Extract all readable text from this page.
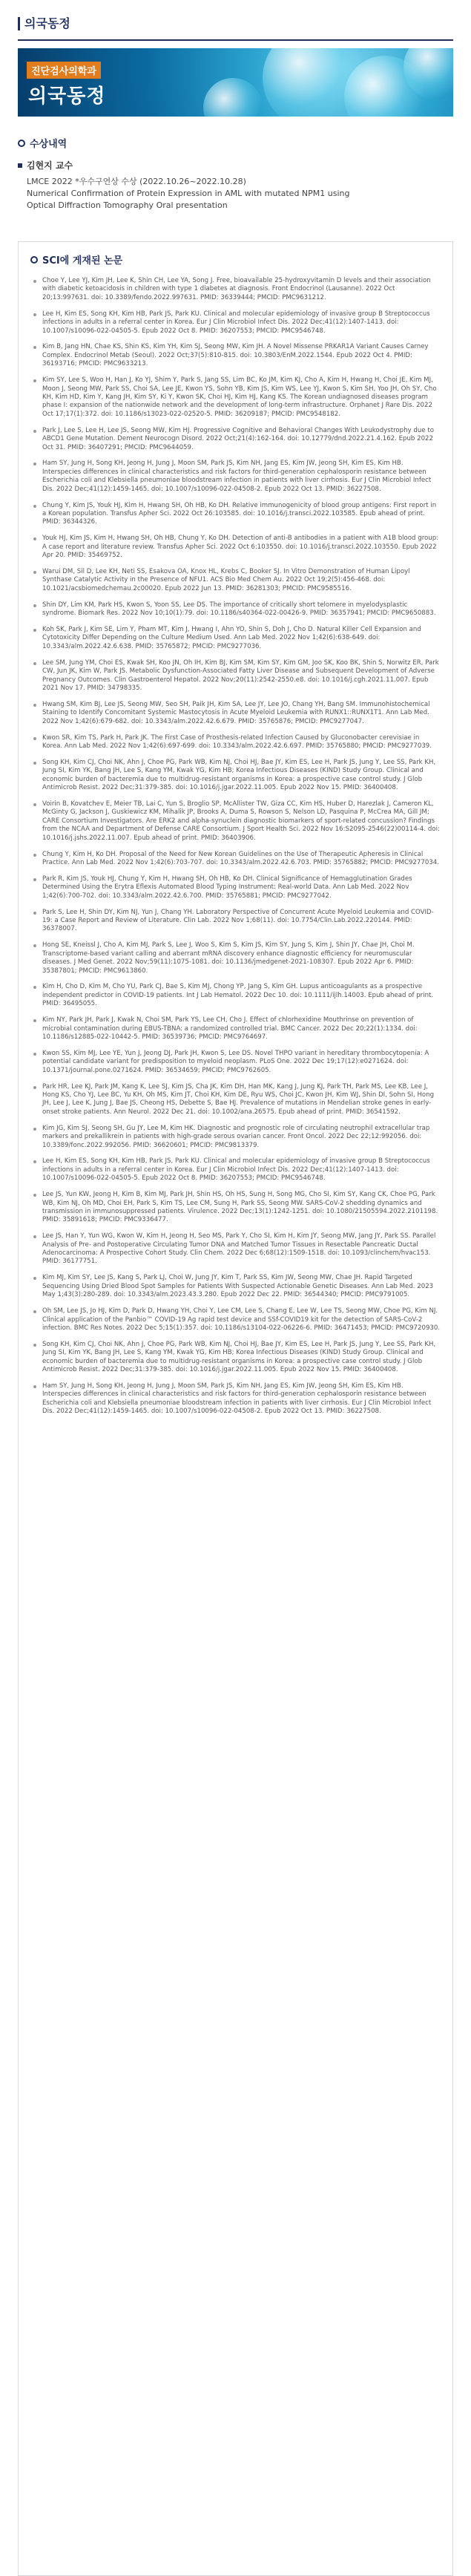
의국동정
진단검사의학과
의국동정
수상내역
김현지 교수
LMCE 2022 *우수구연상 수상 (2022.10.26~2022.10.28)
Numerical Confirmation of Protein Expression in AML with mutated NPM1 using
Optical Diffraction Tomography Oral presentation
SCI에 게재된 논문
Choe Y, Lee YJ, Kim JH, Lee K, Shin CH, Lee YA, Song J. Free, bioavailable 25-hydroxyvitamin D levels and their association with diabetic ketoacidosis in children with type 1 diabetes at diagnosis. Front Endocrinol (Lausanne). 2022 Oct 20;13:997631. doi: 10.3389/fendo.2022.997631. PMID: 36339444; PMCID: PMC9631212.
Lee H, Kim ES, Song KH, Kim HB, Park JS, Park KU. Clinical and molecular epidemiology of invasive group B Streptococcus infections in adults in a referral center in Korea. Eur J Clin Microbiol Infect Dis. 2022 Dec;41(12):1407-1413. doi: 10.1007/s10096-022-04505-5. Epub 2022 Oct 8. PMID: 36207553; PMCID: PMC9546748.
Kim B, Jang HN, Chae KS, Shin KS, Kim YH, Kim SJ, Seong MW, Kim JH. A Novel Missense PRKAR1A Variant Causes Carney Complex. Endocrinol Metab (Seoul). 2022 Oct;37(5):810-815. doi: 10.3803/EnM.2022.1544. Epub 2022 Oct 4. PMID: 36193716; PMCID: PMC9633213.
Kim SY, Lee S, Woo H, Han J, Ko YJ, Shim Y, Park S, Jang SS, Lim BC, Ko JM, Kim KJ, Cho A, Kim H, Hwang H, Choi JE, Kim MJ, Moon J, Seong MW, Park SS, Choi SA, Lee JE, Kwon YS, Sohn YB, Kim JS, Kim WS, Lee YJ, Kwon S, Kim SH, Yoo JH, Oh SY, Cho KH, Kim HD, Kim Y, Kang JH, Kim SY, Ki Y, Kwon SK, Choi HJ, Kim HJ, Kang KS. The Korean undiagnosed diseases program phase I: expansion of the nationwide network and the development of long-term infrastructure. Orphanet J Rare Dis. 2022 Oct 17;17(1):372. doi: 10.1186/s13023-022-02520-5. PMID: 36209187; PMCID: PMC9548182.
Park J, Lee S, Lee H, Lee JS, Seong MW, Kim HJ. Progressive Cognitive and Behavioral Changes With Leukodystrophy due to ABCD1 Gene Mutation. Dement Neurocogn Disord. 2022 Oct;21(4):162-164. doi: 10.12779/dnd.2022.21.4.162. Epub 2022 Oct 31. PMID: 36407291; PMCID: PMC9644059.
Ham SY, Jung H, Song KH, Jeong H, Jung J, Moon SM, Park JS, Kim NH, Jang ES, Kim JW, Jeong SH, Kim ES, Kim HB. Interspecies differences in clinical characteristics and risk factors for third-generation cephalosporin resistance between Escherichia coli and Klebsiella pneumoniae bloodstream infection in patients with liver cirrhosis. Eur J Clin Microbiol Infect Dis. 2022 Dec;41(12):1459-1465. doi: 10.1007/s10096-022-04508-2. Epub 2022 Oct 13. PMID: 36227508.
Chung Y, Kim JS, Youk HJ, Kim H, Hwang SH, Oh HB, Ko DH. Relative immunogenicity of blood group antigens: First report in a Korean population. Transfus Apher Sci. 2022 Oct 26:103585. doi: 10.1016/j.transci.2022.103585. Epub ahead of print. PMID: 36344326.
Youk HJ, Kim JS, Kim H, Hwang SH, Oh HB, Chung Y, Ko DH. Detection of anti-B antibodies in a patient with A1B blood group: A case report and literature review. Transfus Apher Sci. 2022 Oct 6:103550. doi: 10.1016/j.transci.2022.103550. Epub 2022 Apr 20. PMID: 35469752.
Warui DM, Sil D, Lee KH, Neti SS, Esakova OA, Knox HL, Krebs C, Booker SJ. In Vitro Demonstration of Human Lipoyl Synthase Catalytic Activity in the Presence of NFU1. ACS Bio Med Chem Au. 2022 Oct 19;2(5):456-468. doi: 10.1021/acsbiomedchemau.2c00020. Epub 2022 Jun 13. PMID: 36281303; PMCID: PMC9585516.
Shin DY, Lim KM, Park HS, Kwon S, Yoon SS, Lee DS. The importance of critically short telomere in myelodysplastic syndrome. Biomark Res. 2022 Nov 10;10(1):79. doi: 10.1186/s40364-022-00426-9. PMID: 36357941; PMCID: PMC9650883.
Koh SK, Park J, Kim SE, Lim Y, Pham MT, Kim J, Hwang I, Ahn YO, Shin S, Doh J, Cho D. Natural Killer Cell Expansion and Cytotoxicity Differ Depending on the Culture Medium Used. Ann Lab Med. 2022 Nov 1;42(6):638-649. doi: 10.3343/alm.2022.42.6.638. PMID: 35765872; PMCID: PMC9277036.
Lee SM, Jung YM, Choi ES, Kwak SH, Koo JN, Oh IH, Kim BJ, Kim SM, Kim SY, Kim GM, Joo SK, Koo BK, Shin S, Norwitz ER, Park CW, Jun JK, Kim W, Park JS. Metabolic Dysfunction-Associated Fatty Liver Disease and Subsequent Development of Adverse Pregnancy Outcomes. Clin Gastroenterol Hepatol. 2022 Nov;20(11):2542-2550.e8. doi: 10.1016/j.cgh.2021.11.007. Epub 2021 Nov 17. PMID: 34798335.
Hwang SM, Kim BJ, Lee JS, Seong MW, Seo SH, Paik JH, Kim SA, Lee JY, Lee JO, Chang YH, Bang SM. Immunohistochemical Staining to Identify Concomitant Systemic Mastocytosis in Acute Myeloid Leukemia with RUNX1::RUNX1T1. Ann Lab Med. 2022 Nov 1;42(6):679-682. doi: 10.3343/alm.2022.42.6.679. PMID: 35765876; PMCID: PMC9277047.
Kwon SR, Kim TS, Park H, Park JK. The First Case of Prosthesis-related Infection Caused by Gluconobacter cerevisiae in Korea. Ann Lab Med. 2022 Nov 1;42(6):697-699. doi: 10.3343/alm.2022.42.6.697. PMID: 35765880; PMCID: PMC9277039.
Song KH, Kim CJ, Choi NK, Ahn J, Choe PG, Park WB, Kim NJ, Choi HJ, Bae JY, Kim ES, Lee H, Park JS, Jung Y, Lee SS, Park KH, Jung SI, Kim YK, Bang JH, Lee S, Kang YM, Kwak YG, Kim HB; Korea Infectious Diseases (KIND) Study Group. Clinical and economic burden of bacteremia due to multidrug-resistant organisms in Korea: a prospective case control study. J Glob Antimicrob Resist. 2022 Dec;31:379-385. doi: 10.1016/j.jgar.2022.11.005. Epub 2022 Nov 15. PMID: 36400408.
Voirin B, Kovatchev E, Meier TB, Lai C, Yun S, Broglio SP, McAllister TW, Giza CC, Kim HS, Huber D, Harezlak J, Cameron KL, McGinty G, Jackson J, Guskiewicz KM, Mihalik JP, Brooks A, Duma S, Rowson S, Nelson LD, Pasquina P, McCrea MA, Gill JM; CARE Consortium Investigators. Are ERK2 and alpha-synuclein diagnostic biomarkers of sport-related concussion? Findings from the NCAA and Department of Defense CARE Consortium. J Sport Health Sci. 2022 Nov 16:S2095-2546(22)00114-4. doi: 10.1016/j.jshs.2022.11.007. Epub ahead of print. PMID: 36403906.
Chung Y, Kim H, Ko DH. Proposal of the Need for New Korean Guidelines on the Use of Therapeutic Apheresis in Clinical Practice. Ann Lab Med. 2022 Nov 1;42(6):703-707. doi: 10.3343/alm.2022.42.6.703. PMID: 35765882; PMCID: PMC9277034.
Park R, Kim JS, Youk HJ, Chung Y, Kim H, Hwang SH, Oh HB, Ko DH. Clinical Significance of Hemagglutination Grades Determined Using the Erytra Eflexis Automated Blood Typing Instrument: Real-world Data. Ann Lab Med. 2022 Nov 1;42(6):700-702. doi: 10.3343/alm.2022.42.6.700. PMID: 35765881; PMCID: PMC9277042.
Park S, Lee H, Shin DY, Kim NJ, Yun J, Chang YH. Laboratory Perspective of Concurrent Acute Myeloid Leukemia and COVID-19: a Case Report and Review of Literature. Clin Lab. 2022 Nov 1;68(11). doi: 10.7754/Clin.Lab.2022.220144. PMID: 36378007.
Hong SE, Kneissl J, Cho A, Kim MJ, Park S, Lee J, Woo S, Kim S, Kim JS, Kim SY, Jung S, Kim J, Shin JY, Chae JH, Choi M. Transcriptome-based variant calling and aberrant mRNA discovery enhance diagnostic efficiency for neuromuscular diseases. J Med Genet. 2022 Nov;59(11):1075-1081. doi: 10.1136/jmedgenet-2021-108307. Epub 2022 Apr 6. PMID: 35387801; PMCID: PMC9613860.
Kim H, Cho D, Kim M, Cho YU, Park CJ, Bae S, Kim MJ, Chong YP, Jang S, Kim GH. Lupus anticoagulants as a prospective independent predictor in COVID-19 patients. Int J Lab Hematol. 2022 Dec 10. doi: 10.1111/ijlh.14003. Epub ahead of print. PMID: 36495055.
Kim NY, Park JH, Park J, Kwak N, Choi SM, Park YS, Lee CH, Cho J. Effect of chlorhexidine Mouthrinse on prevention of microbial contamination during EBUS-TBNA: a randomized controlled trial. BMC Cancer. 2022 Dec 20;22(1):1334. doi: 10.1186/s12885-022-10442-5. PMID: 36539736; PMCID: PMC9764697.
Kwon SS, Kim MJ, Lee YE, Yun J, Jeong DJ, Park JH, Kwon S, Lee DS. Novel THPO variant in hereditary thrombocytopenia: A potential candidate variant for predisposition to myeloid neoplasm. PLoS One. 2022 Dec 19;17(12):e0271624. doi: 10.1371/journal.pone.0271624. PMID: 36534659; PMCID: PMC9762605.
Park HR, Lee KJ, Park JM, Kang K, Lee SJ, Kim JS, Cha JK, Kim DH, Han MK, Kang J, Jung KJ, Park TH, Park MS, Lee KB, Lee J, Hong KS, Cho YJ, Lee BC, Yu KH, Oh MS, Kim JT, Choi KH, Kim DE, Ryu WS, Choi JC, Kwon JH, Kim WJ, Shin DI, Sohn SI, Hong JH, Lee J, Lee K, Jung J, Bae JS, Cheong HS, Debette S, Bae HJ. Prevalence of mutations in Mendelian stroke genes in early-onset stroke patients. Ann Neurol. 2022 Dec 21. doi: 10.1002/ana.26575. Epub ahead of print. PMID: 36541592.
Kim JG, Kim SJ, Seong SH, Gu JY, Lee M, Kim HK. Diagnostic and prognostic role of circulating neutrophil extracellular trap markers and prekallikrein in patients with high-grade serous ovarian cancer. Front Oncol. 2022 Dec 22;12:992056. doi: 10.3389/fonc.2022.992056. PMID: 36620601; PMCID: PMC9813379.
Lee H, Kim ES, Song KH, Kim HB, Park JS, Park KU. Clinical and molecular epidemiology of invasive group B Streptococcus infections in adults in a referral center in Korea. Eur J Clin Microbiol Infect Dis. 2022 Dec;41(12):1407-1413. doi: 10.1007/s10096-022-04505-5. Epub 2022 Oct 8. PMID: 36207553; PMCID: PMC9546748.
Lee JS, Yun KW, Jeong H, Kim B, Kim MJ, Park JH, Shin HS, Oh HS, Sung H, Song MG, Cho SI, Kim SY, Kang CK, Choe PG, Park WB, Kim NJ, Oh MD, Choi EH, Park S, Kim TS, Lee CM, Sung H, Park SS, Seong MW. SARS-CoV-2 shedding dynamics and transmission in immunosuppressed patients. Virulence. 2022 Dec;13(1):1242-1251. doi: 10.1080/21505594.2022.2101198. PMID: 35891618; PMCID: PMC9336477.
Lee JS, Han Y, Yun WG, Kwon W, Kim H, Jeong H, Seo MS, Park Y, Cho SI, Kim H, Kim JY, Seong MW, Jang JY, Park SS. Parallel Analysis of Pre- and Postoperative Circulating Tumor DNA and Matched Tumor Tissues in Resectable Pancreatic Ductal Adenocarcinoma: A Prospective Cohort Study. Clin Chem. 2022 Dec 6;68(12):1509-1518. doi: 10.1093/clinchem/hvac153. PMID: 36177751.
Kim MJ, Kim SY, Lee JS, Kang S, Park LJ, Choi W, Jung JY, Kim T, Park SS, Kim JW, Seong MW, Chae JH. Rapid Targeted Sequencing Using Dried Blood Spot Samples for Patients With Suspected Actionable Genetic Diseases. Ann Lab Med. 2023 May 1;43(3):280-289. doi: 10.3343/alm.2023.43.3.280. Epub 2022 Dec 22. PMID: 36544340; PMCID: PMC9791005.
Oh SM, Lee JS, Jo HJ, Kim D, Park D, Hwang YH, Choi Y, Lee CM, Lee S, Chang E, Lee W, Lee TS, Seong MW, Choe PG, Kim NJ. Clinical application of the Panbio™ COVID-19 Ag rapid test device and SSf-COVID19 kit for the detection of SARS-CoV-2 infection. BMC Res Notes. 2022 Dec 5;15(1):357. doi: 10.1186/s13104-022-06226-6. PMID: 36471453; PMCID: PMC9720930.
Song KH, Kim CJ, Choi NK, Ahn J, Choe PG, Park WB, Kim NJ, Choi HJ, Bae JY, Kim ES, Lee H, Park JS, Jung Y, Lee SS, Park KH, Jung SI, Kim YK, Bang JH, Lee S, Kang YM, Kwak YG, Kim HB; Korea Infectious Diseases (KIND) Study Group. Clinical and economic burden of bacteremia due to multidrug-resistant organisms in Korea: a prospective case control study. J Glob Antimicrob Resist. 2022 Dec;31:379-385. doi: 10.1016/j.jgar.2022.11.005. Epub 2022 Nov 15. PMID: 36400408.
Ham SY, Jung H, Song KH, Jeong H, Jung J, Moon SM, Park JS, Kim NH, Jang ES, Kim JW, Jeong SH, Kim ES, Kim HB. Interspecies differences in clinical characteristics and risk factors for third-generation cephalosporin resistance between Escherichia coli and Klebsiella pneumoniae bloodstream infection in patients with liver cirrhosis. Eur J Clin Microbiol Infect Dis. 2022 Dec;41(12):1459-1465. doi: 10.1007/s10096-022-04508-2. Epub 2022 Oct 13. PMID: 36227508.
